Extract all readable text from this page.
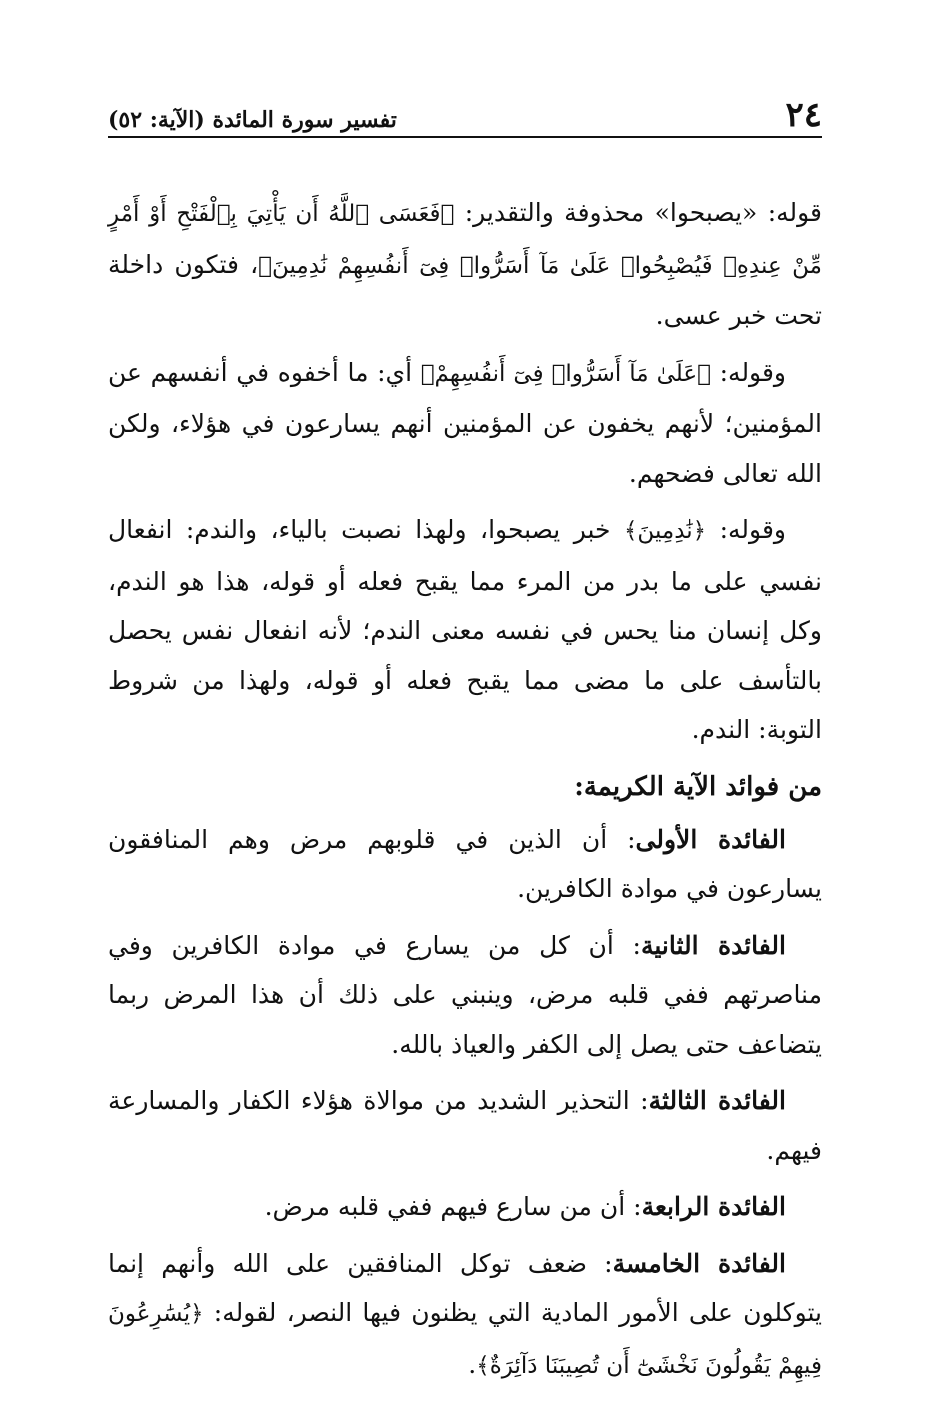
٢٤
تفسير سورة المائدة (الآية: ٥٢)

قوله: «يصبحوا» محذوفة والتقدير: ﴿فَعَسَى ٱللَّهُ أَن يَأْتِيَ بِٱلْفَتْحِ أَوْ أَمْرٍ مِّنْ عِندِهِۦ فَيُصْبِحُوا۟ عَلَىٰ مَآ أَسَرُّوا۟ فِىٓ أَنفُسِهِمْ نَٰدِمِينَ﴾، فتكون داخلة تحت خبر عسى.

وقوله: ﴿عَلَىٰ مَآ أَسَرُّوا۟ فِىٓ أَنفُسِهِمْ﴾ أي: ما أخفوه في أنفسهم عن المؤمنين؛ لأنهم يخفون عن المؤمنين أنهم يسارعون في هؤلاء، ولكن الله تعالى فضحهم.

وقوله: ﴿نَٰدِمِينَ﴾ خبر يصبحوا، ولهذا نصبت بالياء، والندم: انفعال نفسي على ما بدر من المرء مما يقبح فعله أو قوله، هذا هو الندم، وكل إنسان منا يحس في نفسه معنى الندم؛ لأنه انفعال نفس يحصل بالتأسف على ما مضى مما يقبح فعله أو قوله، ولهذا من شروط التوبة: الندم.

من فوائد الآية الكريمة:

الفائدة الأولى: أن الذين في قلوبهم مرض وهم المنافقون يسارعون في موادة الكافرين.

الفائدة الثانية: أن كل من يسارع في موادة الكافرين وفي مناصرتهم ففي قلبه مرض، وينبني على ذلك أن هذا المرض ربما يتضاعف حتى يصل إلى الكفر والعياذ بالله.

الفائدة الثالثة: التحذير الشديد من موالاة هؤلاء الكفار والمسارعة فيهم.

الفائدة الرابعة: أن من سارع فيهم ففي قلبه مرض.

الفائدة الخامسة: ضعف توكل المنافقين على الله وأنهم إنما يتوكلون على الأمور المادية التي يظنون فيها النصر، لقوله: ﴿يُسَٰرِعُونَ فِيهِمْ يَقُولُونَ نَخْشَىٰٓ أَن تُصِيبَنَا دَآئِرَةٌ﴾.
